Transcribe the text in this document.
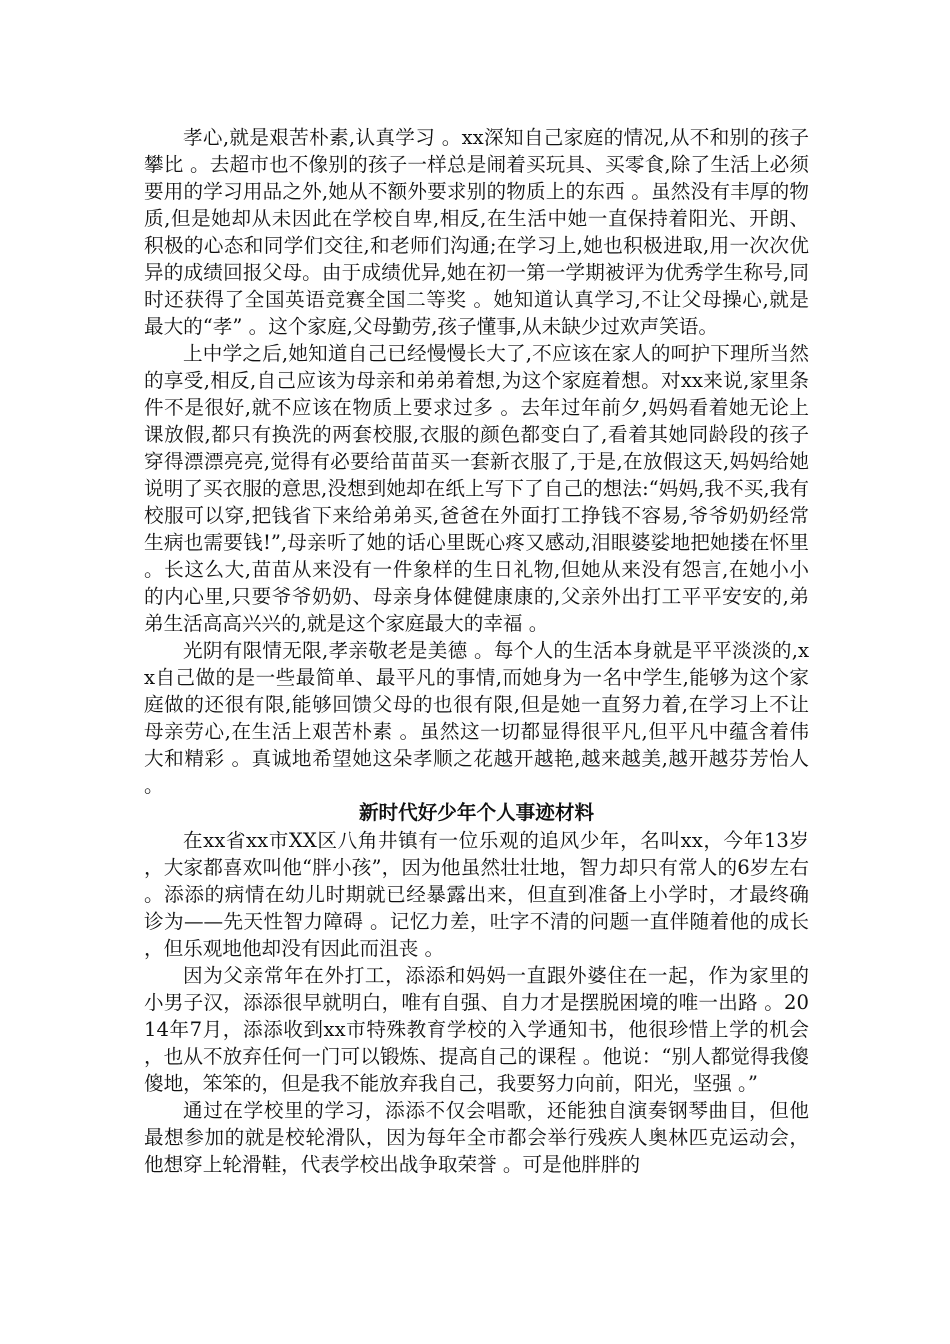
孝心,就是艰苦朴素,认真学习 。xx深知自己家庭的情况,从不和别的孩子攀比 。去超市也不像别的孩子一样总是闹着买玩具、买零食,除了生活上必须要用的学习用品之外,她从不额外要求别的物质上的东西 。虽然没有丰厚的物质,但是她却从未因此在学校自卑,相反,在生活中她一直保持着阳光、开朗、积极的心态和同学们交往,和老师们沟通;在学习上,她也积极进取,用一次次优异的成绩回报父母。由于成绩优异,她在初一第一学期被评为优秀学生称号,同时还获得了全国英语竞赛全国二等奖 。她知道认真学习,不让父母操心,就是最大的“孝” 。这个家庭,父母勤劳,孩子懂事,从未缺少过欢声笑语。

上中学之后,她知道自己已经慢慢长大了,不应该在家人的呵护下理所当然的享受,相反,自己应该为母亲和弟弟着想,为这个家庭着想。对xx来说,家里条件不是很好,就不应该在物质上要求过多 。去年过年前夕,妈妈看着她无论上课放假,都只有换洗的两套校服,衣服的颜色都变白了,看着其她同龄段的孩子穿得漂漂亮亮,觉得有必要给苗苗买一套新衣服了,于是,在放假这天,妈妈给她说明了买衣服的意思,没想到她却在纸上写下了自己的想法:“妈妈,我不买,我有校服可以穿,把钱省下来给弟弟买,爸爸在外面打工挣钱不容易,爷爷奶奶经常生病也需要钱!”,母亲听了她的话心里既心疼又感动,泪眼婆娑地把她搂在怀里 。长这么大,苗苗从来没有一件象样的生日礼物,但她从来没有怨言,在她小小的内心里,只要爷爷奶奶、母亲身体健健康康的,父亲外出打工平平安安的,弟弟生活高高兴兴的,就是这个家庭最大的幸福 。

光阴有限情无限,孝亲敬老是美德 。每个人的生活本身就是平平淡淡的,xx自己做的是一些最简单、最平凡的事情,而她身为一名中学生,能够为这个家庭做的还很有限,能够回馈父母的也很有限,但是她一直努力着,在学习上不让母亲劳心,在生活上艰苦朴素 。虽然这一切都显得很平凡,但平凡中蕴含着伟大和精彩 。真诚地希望她这朵孝顺之花越开越艳,越来越美,越开越芬芳怡人 。

新时代好少年个人事迹材料

在xx省xx市XX区八角井镇有一位乐观的追风少年，名叫xx，今年13岁，大家都喜欢叫他“胖小孩”，因为他虽然壮壮地，智力却只有常人的6岁左右 。添添的病情在幼儿时期就已经暴露出来，但直到准备上小学时，才最终确诊为——先天性智力障碍 。记忆力差，吐字不清的问题一直伴随着他的成长，但乐观地他却没有因此而沮丧 。

因为父亲常年在外打工，添添和妈妈一直跟外婆住在一起，作为家里的小男子汉，添添很早就明白，唯有自强、自力才是摆脱困境的唯一出路 。2014年7月，添添收到xx市特殊教育学校的入学通知书，他很珍惜上学的机会，也从不放弃任何一门可以锻炼、提高自己的课程 。他说：“别人都觉得我傻傻地，笨笨的，但是我不能放弃我自己，我要努力向前，阳光，坚强 。”

通过在学校里的学习，添添不仅会唱歌，还能独自演奏钢琴曲目，但他最想参加的就是校轮滑队，因为每年全市都会举行残疾人奥林匹克运动会，他想穿上轮滑鞋，代表学校出战争取荣誉 。可是他胖胖的
